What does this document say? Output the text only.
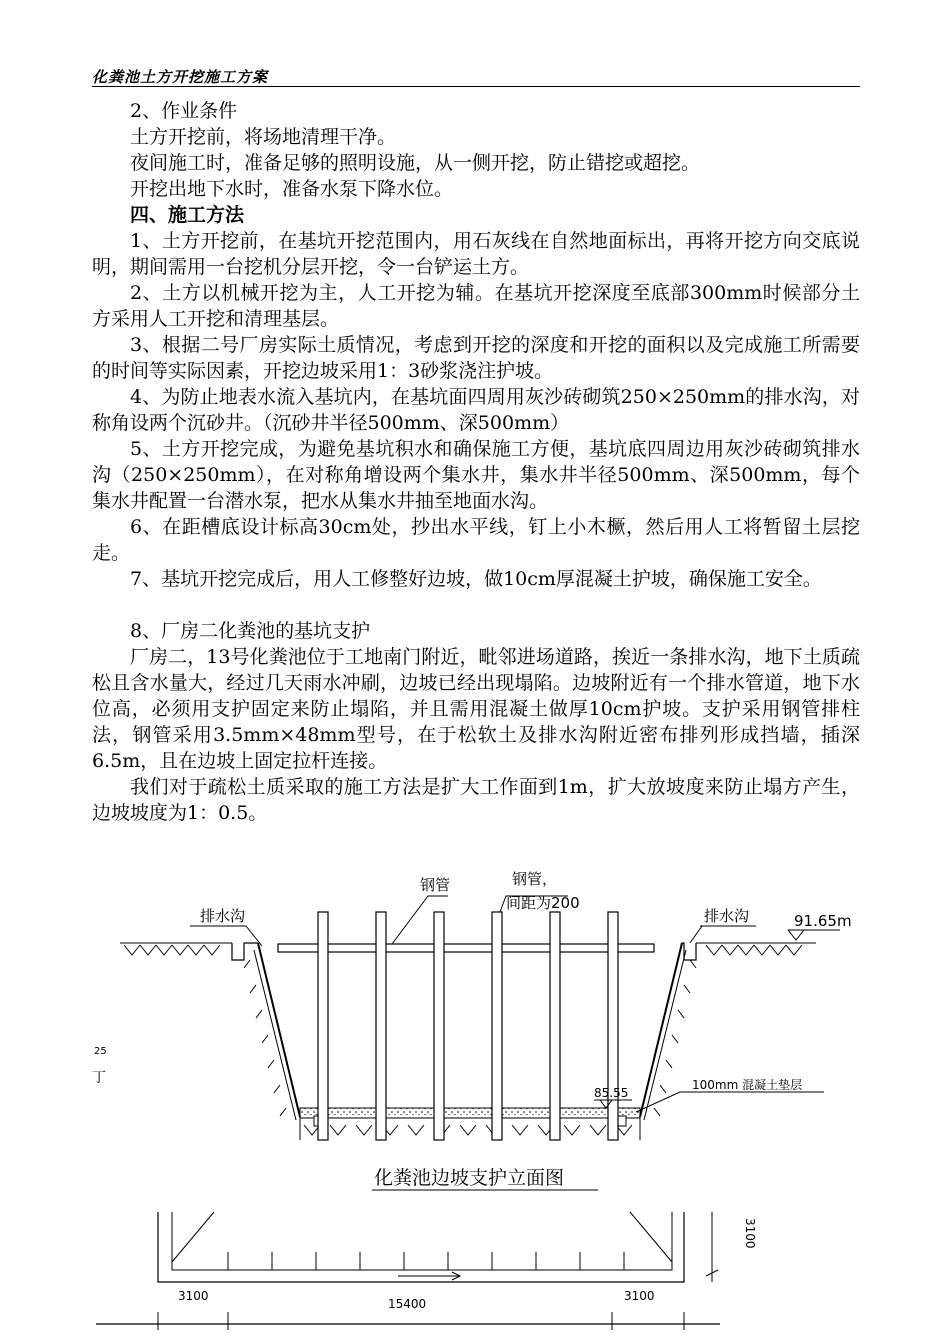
化粪池土方开挖施工方案

2、作业条件

土方开挖前，将场地清理干净。

夜间施工时，准备足够的照明设施，从一侧开挖，防止错挖或超挖。

开挖出地下水时，准备水泵下降水位。

四、施工方法

1、土方开挖前，在基坑开挖范围内，用石灰线在自然地面标出，再将开挖方向交底说明，期间需用一台挖机分层开挖，令一台铲运土方。

2、土方以机械开挖为主，人工开挖为辅。在基坑开挖深度至底部300mm时候部分土方采用人工开挖和清理基层。

3、根据二号厂房实际土质情况，考虑到开挖的深度和开挖的面积以及完成施工所需要的时间等实际因素，开挖边坡采用1：3砂浆浇注护坡。

4、为防止地表水流入基坑内，在基坑面四周用灰沙砖砌筑250×250mm的排水沟，对称角设两个沉砂井。（沉砂井半径500mm、深500mm）

5、土方开挖完成，为避免基坑积水和确保施工方便，基坑底四周边用灰沙砖砌筑排水沟（250×250mm），在对称角增设两个集水井，集水井半径500mm、深500mm，每个集水井配置一台潜水泵，把水从集水井抽至地面水沟。

6、在距槽底设计标高30cm处，抄出水平线，钉上小木橛，然后用人工将暂留土层挖走。

7、基坑开挖完成后，用人工修整好边坡，做10cm厚混凝土护坡，确保施工安全。

8、厂房二化粪池的基坑支护

厂房二，13号化粪池位于工地南门附近，毗邻进场道路，挨近一条排水沟，地下土质疏松且含水量大，经过几天雨水冲刷，边坡已经出现塌陷。边坡附近有一个排水管道，地下水位高，必须用支护固定来防止塌陷，并且需用混凝土做厚10cm护坡。支护采用钢管排柱法，钢管采用3.5mm×48mm型号，在于松软土及排水沟附近密布排列形成挡墙，插深6.5m，且在边坡上固定拉杆连接。

我们对于疏松土质采取的施工方法是扩大工作面到1m，扩大放坡度来防止塌方产生，边坡坡度为1：0.5。

排水沟	排水沟
钢管	钢管，
间距为200
91.65m
85.55
100mm 混凝土垫层
25
丁
化粪池边坡支护立面图
3100
15400
3100
3100
